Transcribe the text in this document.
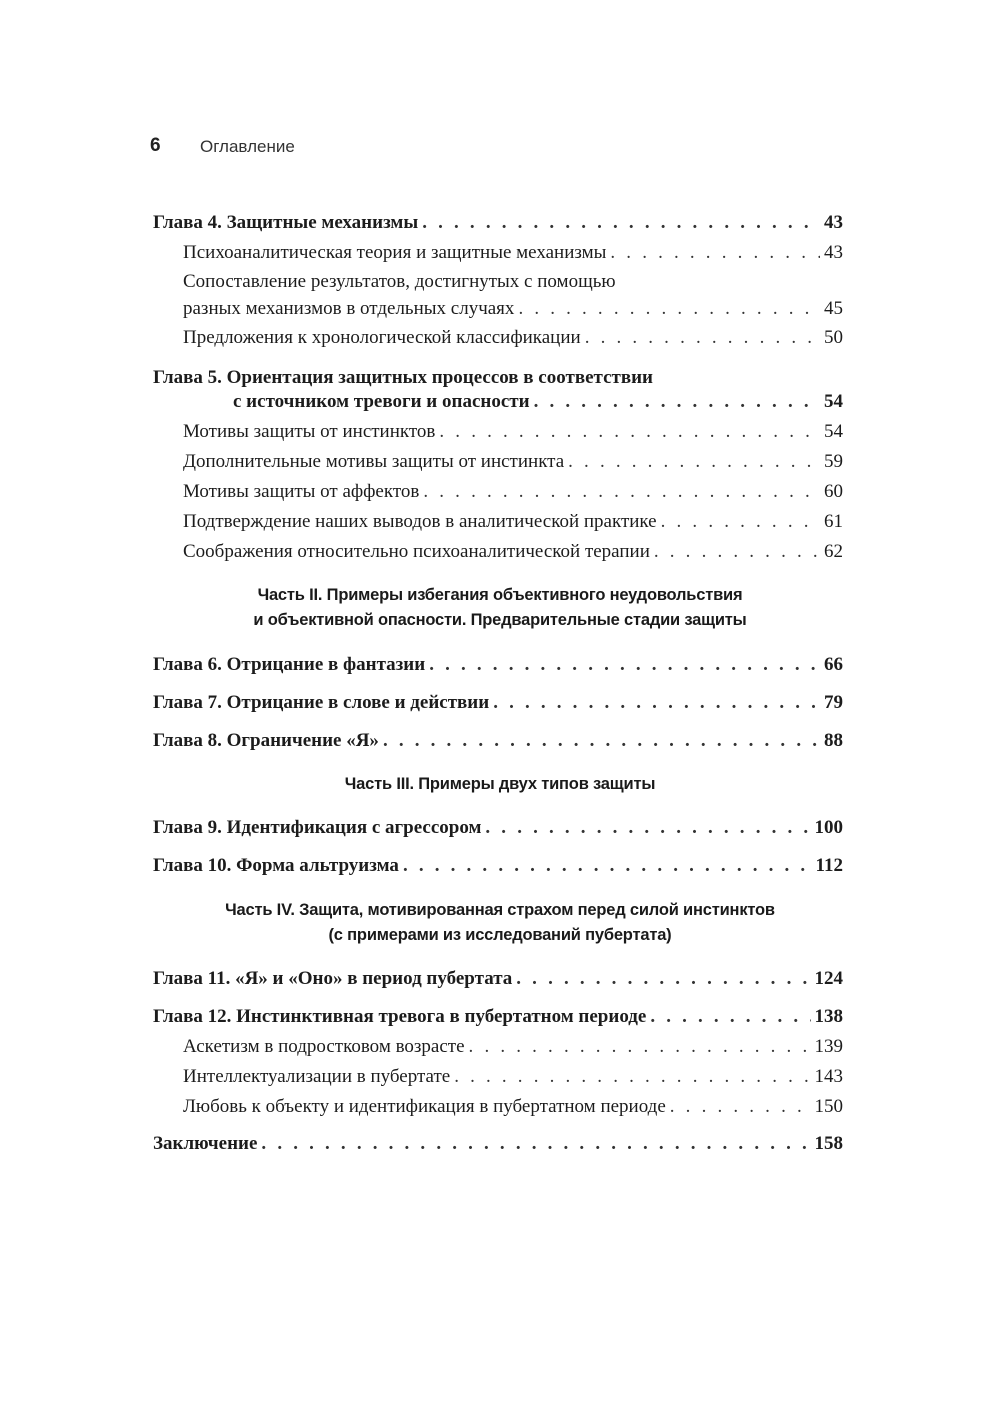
6 Оглавление
Глава 4. Защитные механизмы . . .	43
Психоаналитическая теория и защитные механизмы . . .	43
Сопоставление результатов, достигнутых с помощью
разных механизмов в отдельных случаях . . .	45
Предложения к хронологической классификации . . .	50
Глава 5. Ориентация защитных процессов в соответствии
с источником тревоги и опасности . . .	54
Мотивы защиты от инстинктов . . .	54
Дополнительные мотивы защиты от инстинкта . . .	59
Мотивы защиты от аффектов . . .	60
Подтверждение наших выводов в аналитической практике . . .	61
Соображения относительно психоаналитической терапии . . .	62
Часть II. Примеры избегания объективного неудовольствия
и объективной опасности. Предварительные стадии защиты
Глава 6. Отрицание в фантазии . . .	66
Глава 7. Отрицание в слове и действии . . .	79
Глава 8. Ограничение «Я» . . .	88
Часть III. Примеры двух типов защиты
Глава 9. Идентификация с агрессором . . .	100
Глава 10. Форма альтруизма . . .	112
Часть IV. Защита, мотивированная страхом перед силой инстинктов
(с примерами из исследований пубертата)
Глава 11. «Я» и «Оно» в период пубертата . . .	124
Глава 12. Инстинктивная тревога в пубертатном периоде . . .	138
Аскетизм в подростковом возрасте . . .	139
Интеллектуализации в пубертате . . .	143
Любовь к объекту и идентификация в пубертатном периоде . . .	150
Заключение . . .	158
